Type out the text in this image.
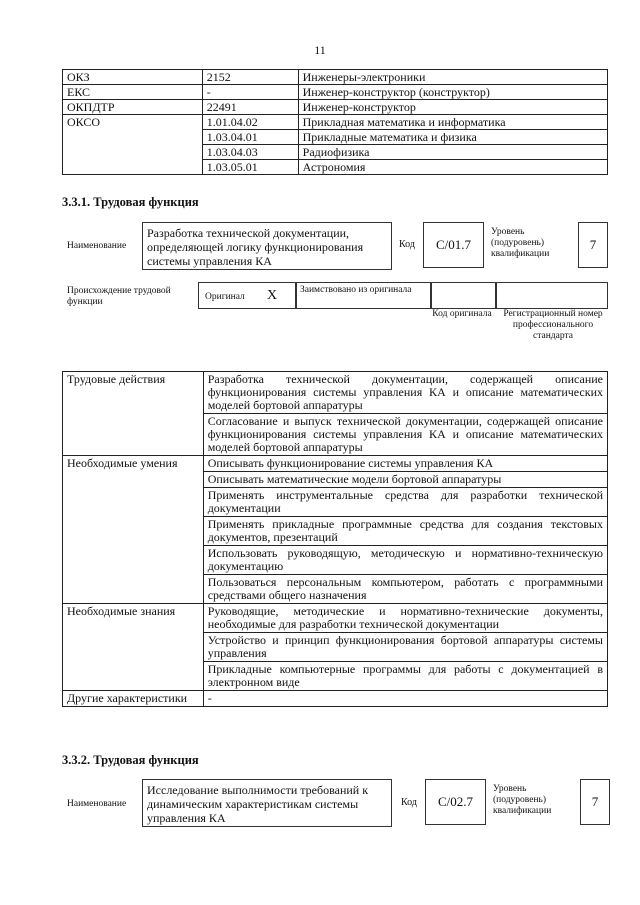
11
ОКЗ	2152	Инженеры-электроники
ЕКС	-	Инженер-конструктор (конструктор)
ОКПДТР	22491	Инженер-конструктор
ОКСО	1.01.04.02	Прикладная математика и информатика
	1.03.04.01	Прикладные математика и физика
	1.03.04.03	Радиофизика
	1.03.05.01	Астрономия
3.3.1. Трудовая функция
Наименование
Разработка технической документации, определяющей логику функционирования системы управления КА
Код	С/01.7
Уровень (подуровень) квалификации
7
Происхождение трудовой функции	Оригинал X Заимствовано из оригинала
Код оригинала	Регистрационный номер профессионального стандарта
Трудовые действия	Разработка технической документации, содержащей описание функционирования системы управления КА и описание математических моделей бортовой аппаратуры
	Согласование и выпуск технической документации, содержащей описание функционирования системы управления КА и описание математических моделей бортовой аппаратуры
Необходимые умения	Описывать функционирование системы управления КА
	Описывать математические модели бортовой аппаратуры
	Применять инструментальные средства для разработки технической документации
	Применять прикладные программные средства для создания текстовых документов, презентаций
	Использовать руководящую, методическую и нормативно-техническую документацию
	Пользоваться персональным компьютером, работать с программными средствами общего назначения
Необходимые знания	Руководящие, методические и нормативно-технические документы, необходимые для разработки технической документации
	Устройство и принцип функционирования бортовой аппаратуры системы управления
	Прикладные компьютерные программы для работы с документацией в электронном виде
Другие характеристики	-
3.3.2. Трудовая функция
Наименование
Исследование выполнимости требований к динамическим характеристикам системы управления КА
Код	С/02.7
Уровень (подуровень) квалификации
7
